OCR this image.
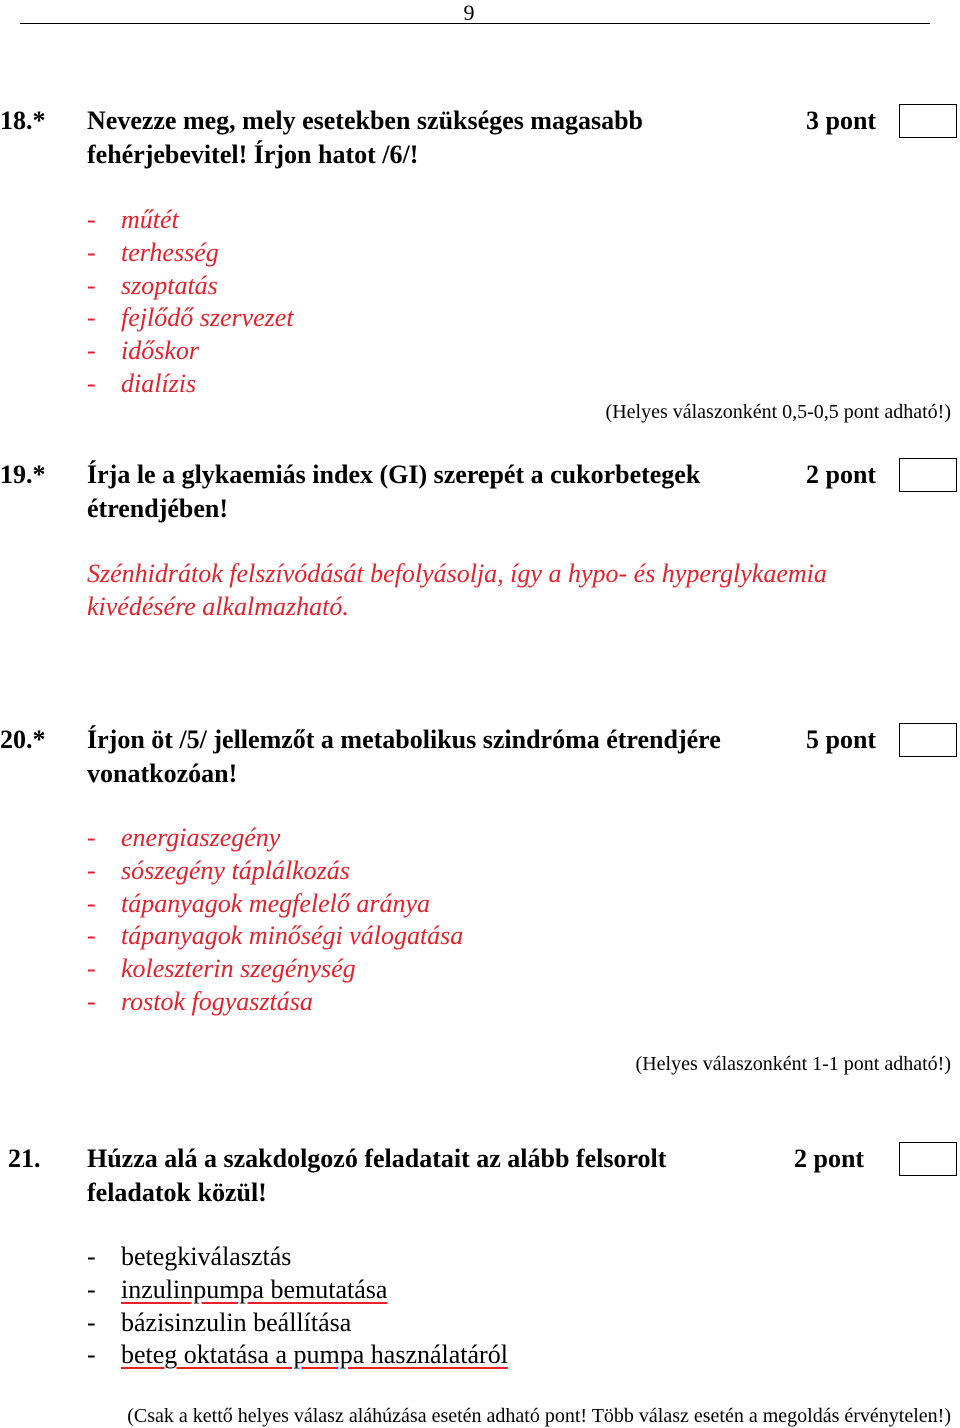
9
18.* Nevezze meg, mely esetekben szükséges magasabb fehérjebevitel! Írjon hatot /6/!
3 pont
- műtét
- terhesség
- szoptatás
- fejlődő szervezet
- időskor
- dialízis
(Helyes válaszonként 0,5-0,5 pont adható!)
19.* Írja le a glykaemiás index (GI) szerepét a cukorbetegek étrendjében!
2 pont
Szénhidrátok felszívódását befolyásolja, így a hypo- és hyperglykaemia kivédésére alkalmazható.
20.* Írjon öt /5/ jellemzőt a metabolikus szindróma étrendjére vonatkozóan!
5 pont
- energiaszegény
- sószegény táplálkozás
- tápanyagok megfelelő aránya
- tápanyagok minőségi válogatása
- koleszterin szegénység
- rostok fogyasztása
(Helyes válaszonként 1-1 pont adható!)
21. Húzza alá a szakdolgozó feladatait az alább felsorolt feladatok közül!
2 pont
- betegkiválasztás
- inzulinpumpa bemutatása
- bázisinzulin beállítása
- beteg oktatása a pumpa használatáról
(Csak a kettő helyes válasz aláhúzása esetén adható pont! Több válasz esetén a megoldás érvénytelen!)
